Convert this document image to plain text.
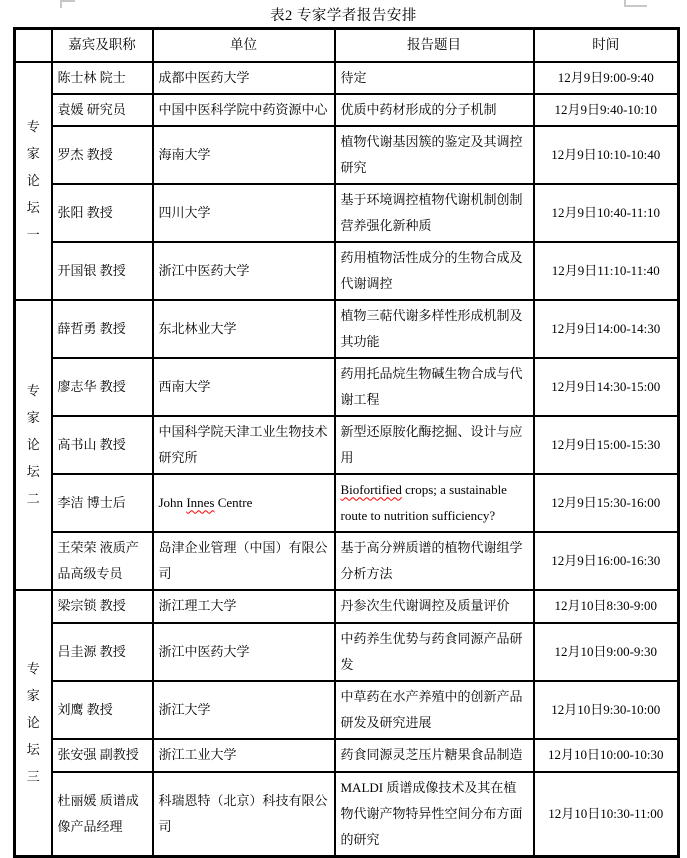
表2 专家学者报告安排
	嘉宾及职称	单位	报告题目	时间
专家论坛一	陈士林 院士	成都中医药大学	待定	12月9日9:00-9:40
	袁媛 研究员	中国中医科学院中药资源中心	优质中药材形成的分子机制	12月9日9:40-10:10
	罗杰 教授	海南大学	植物代谢基因簇的鉴定及其调控研究	12月9日10:10-10:40
	张阳 教授	四川大学	基于环境调控植物代谢机制创制营养强化新种质	12月9日10:40-11:10
	开国银 教授	浙江中医药大学	药用植物活性成分的生物合成及代谢调控	12月9日11:10-11:40
专家论坛二	薛哲勇 教授	东北林业大学	植物三萜代谢多样性形成机制及其功能	12月9日14:00-14:30
	廖志华 教授	西南大学	药用托品烷生物碱生物合成与代谢工程	12月9日14:30-15:00
	高书山 教授	中国科学院天津工业生物技术研究所	新型还原胺化酶挖掘、设计与应用	12月9日15:00-15:30
	李洁 博士后	John Innes Centre	Biofortified crops; a sustainable route to nutrition sufficiency?	12月9日15:30-16:00
	王荣荣 液质产品高级专员	岛津企业管理（中国）有限公司	基于高分辨质谱的植物代谢组学分析方法	12月9日16:00-16:30
专家论坛三	梁宗锁 教授	浙江理工大学	丹参次生代谢调控及质量评价	12月10日8:30-9:00
	吕圭源 教授	浙江中医药大学	中药养生优势与药食同源产品研发	12月10日9:00-9:30
	刘鹰 教授	浙江大学	中草药在水产养殖中的创新产品研发及研究进展	12月10日9:30-10:00
	张安强 副教授	浙江工业大学	药食同源灵芝压片糖果食品制造	12月10日10:00-10:30
	杜丽媛 质谱成像产品经理	科瑞恩特（北京）科技有限公司	MALDI 质谱成像技术及其在植物代谢产物特异性空间分布方面的研究	12月10日10:30-11:00
